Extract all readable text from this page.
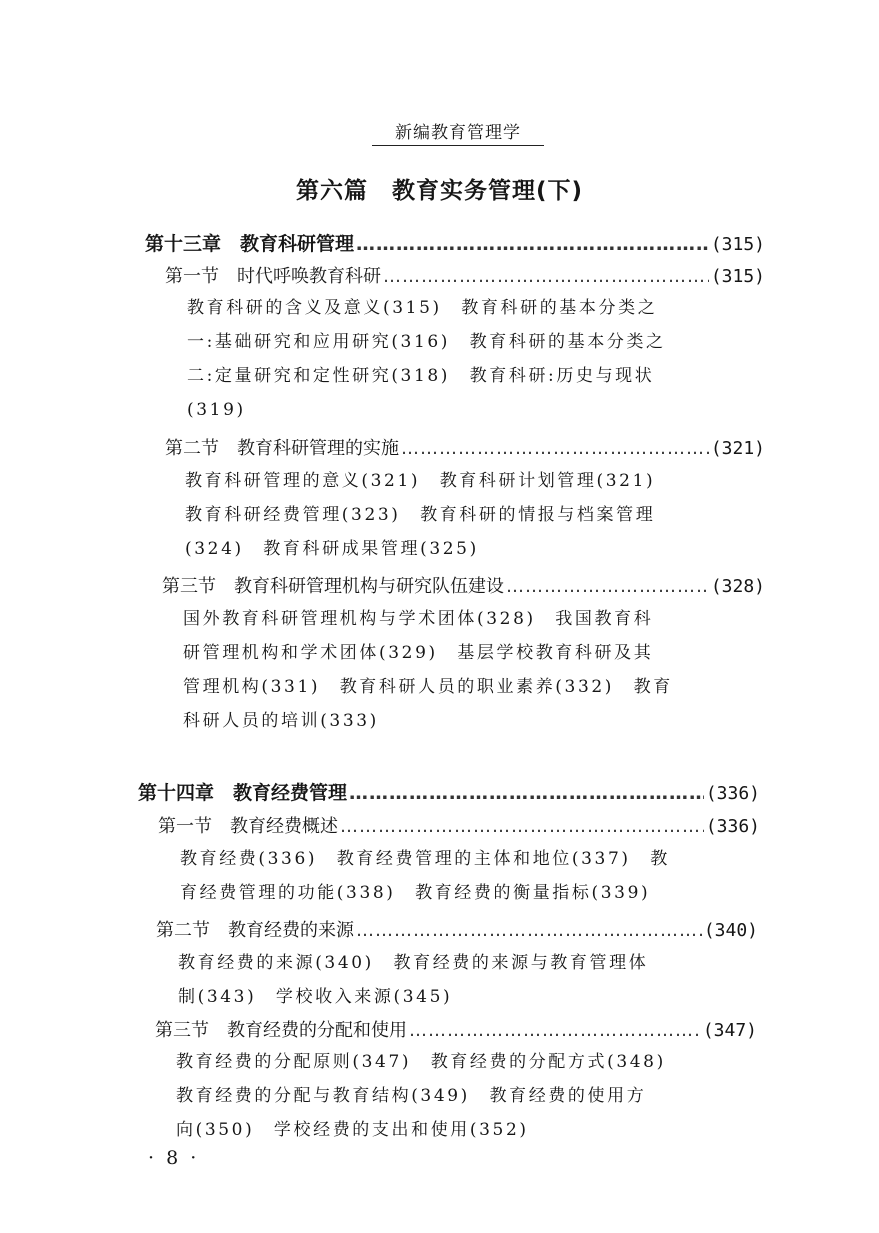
新编教育管理学
第六篇　教育实务管理(下)
第十三章　教育科研管理 ……………………………………………………………………………………………………………………………………	(315)
第一节　时代呼唤教育科研 ……………………………………………………………………………………………………………………………………	(315)
教育科研的含义及意义(315)　教育科研的基本分类之
一:基础研究和应用研究(316)　教育科研的基本分类之
二:定量研究和定性研究(318)　教育科研:历史与现状
(319)
第二节　教育科研管理的实施 ……………………………………………………………………………………………………………………………………	(321)
教育科研管理的意义(321)　教育科研计划管理(321)
教育科研经费管理(323)　教育科研的情报与档案管理
(324)　教育科研成果管理(325)
第三节　教育科研管理机构与研究队伍建设 ……………………………………………………………………………………………………………………………………	(328)
国外教育科研管理机构与学术团体(328)　我国教育科
研管理机构和学术团体(329)　基层学校教育科研及其
管理机构(331)　教育科研人员的职业素养(332)　教育
科研人员的培训(333)
第十四章　教育经费管理 ……………………………………………………………………………………………………………………………………	(336)
第一节　教育经费概述 ……………………………………………………………………………………………………………………………………	(336)
教育经费(336)　教育经费管理的主体和地位(337)　教
育经费管理的功能(338)　教育经费的衡量指标(339)
第二节　教育经费的来源 ……………………………………………………………………………………………………………………………………	(340)
教育经费的来源(340)　教育经费的来源与教育管理体
制(343)　学校收入来源(345)
第三节　教育经费的分配和使用 ……………………………………………………………………………………………………………………………………	(347)
教育经费的分配原则(347)　教育经费的分配方式(348)
教育经费的分配与教育结构(349)　教育经费的使用方
向(350)　学校经费的支出和使用(352)
· 8 ·
